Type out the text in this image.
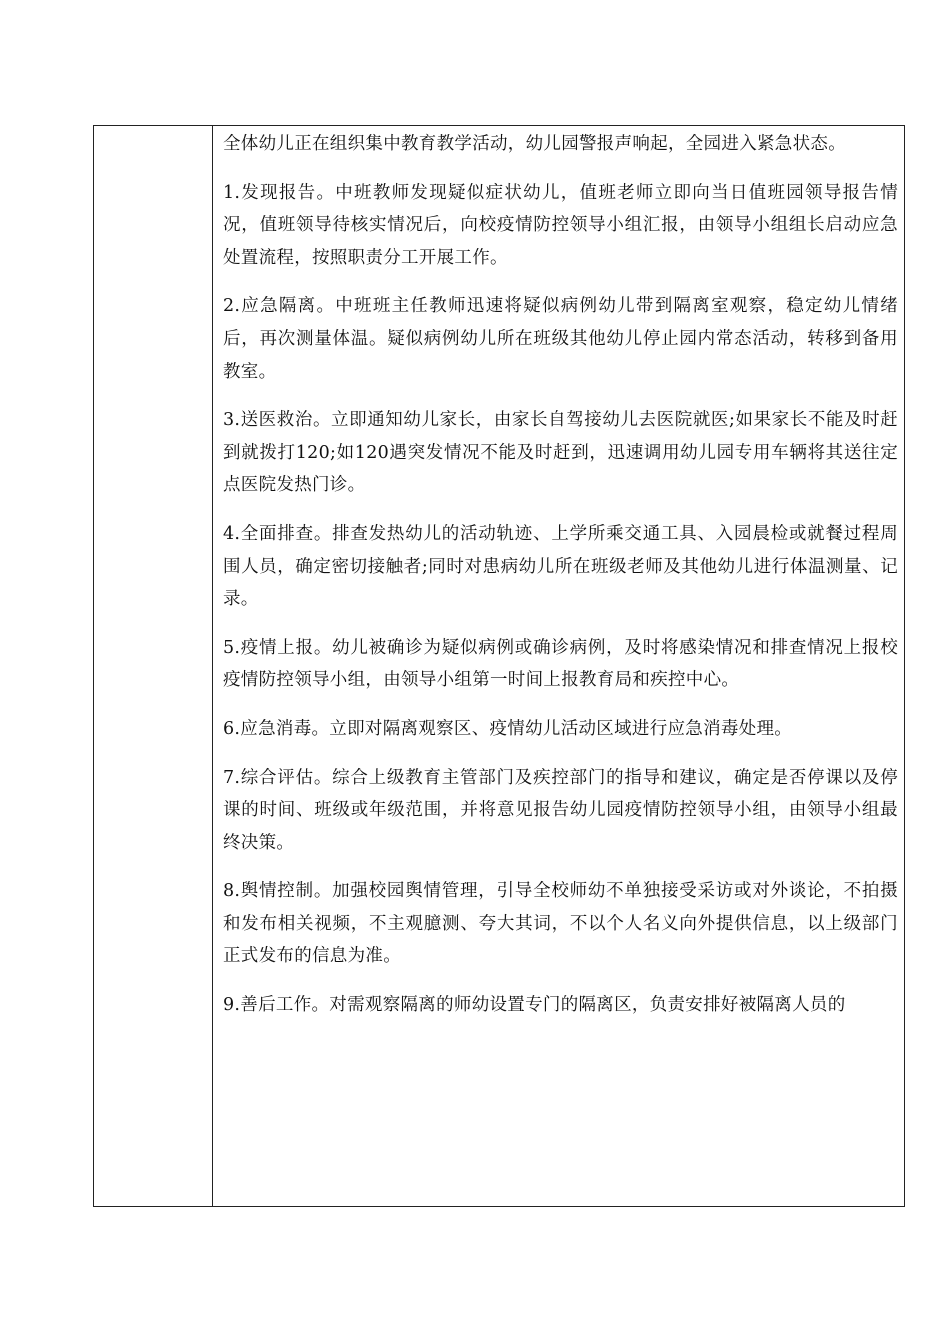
全体幼儿正在组织集中教育教学活动，幼儿园警报声响起，全园进入紧急状态。

1.发现报告。中班教师发现疑似症状幼儿，值班老师立即向当日值班园领导报告情况，值班领导待核实情况后，向校疫情防控领导小组汇报，由领导小组组长启动应急处置流程，按照职责分工开展工作。

2.应急隔离。中班班主任教师迅速将疑似病例幼儿带到隔离室观察，稳定幼儿情绪后，再次测量体温。疑似病例幼儿所在班级其他幼儿停止园内常态活动，转移到备用教室。

3.送医救治。立即通知幼儿家长，由家长自驾接幼儿去医院就医;如果家长不能及时赶到就拨打120;如120遇突发情况不能及时赶到，迅速调用幼儿园专用车辆将其送往定点医院发热门诊。

4.全面排查。排查发热幼儿的活动轨迹、上学所乘交通工具、入园晨检或就餐过程周围人员，确定密切接触者;同时对患病幼儿所在班级老师及其他幼儿进行体温测量、记录。

5.疫情上报。幼儿被确诊为疑似病例或确诊病例，及时将感染情况和排查情况上报校疫情防控领导小组，由领导小组第一时间上报教育局和疾控中心。

6.应急消毒。立即对隔离观察区、疫情幼儿活动区域进行应急消毒处理。

7.综合评估。综合上级教育主管部门及疾控部门的指导和建议，确定是否停课以及停课的时间、班级或年级范围，并将意见报告幼儿园疫情防控领导小组，由领导小组最终决策。

8.舆情控制。加强校园舆情管理，引导全校师幼不单独接受采访或对外谈论，不拍摄和发布相关视频，不主观臆测、夸大其词，不以个人名义向外提供信息，以上级部门正式发布的信息为准。

9.善后工作。对需观察隔离的师幼设置专门的隔离区，负责安排好被隔离人员的
